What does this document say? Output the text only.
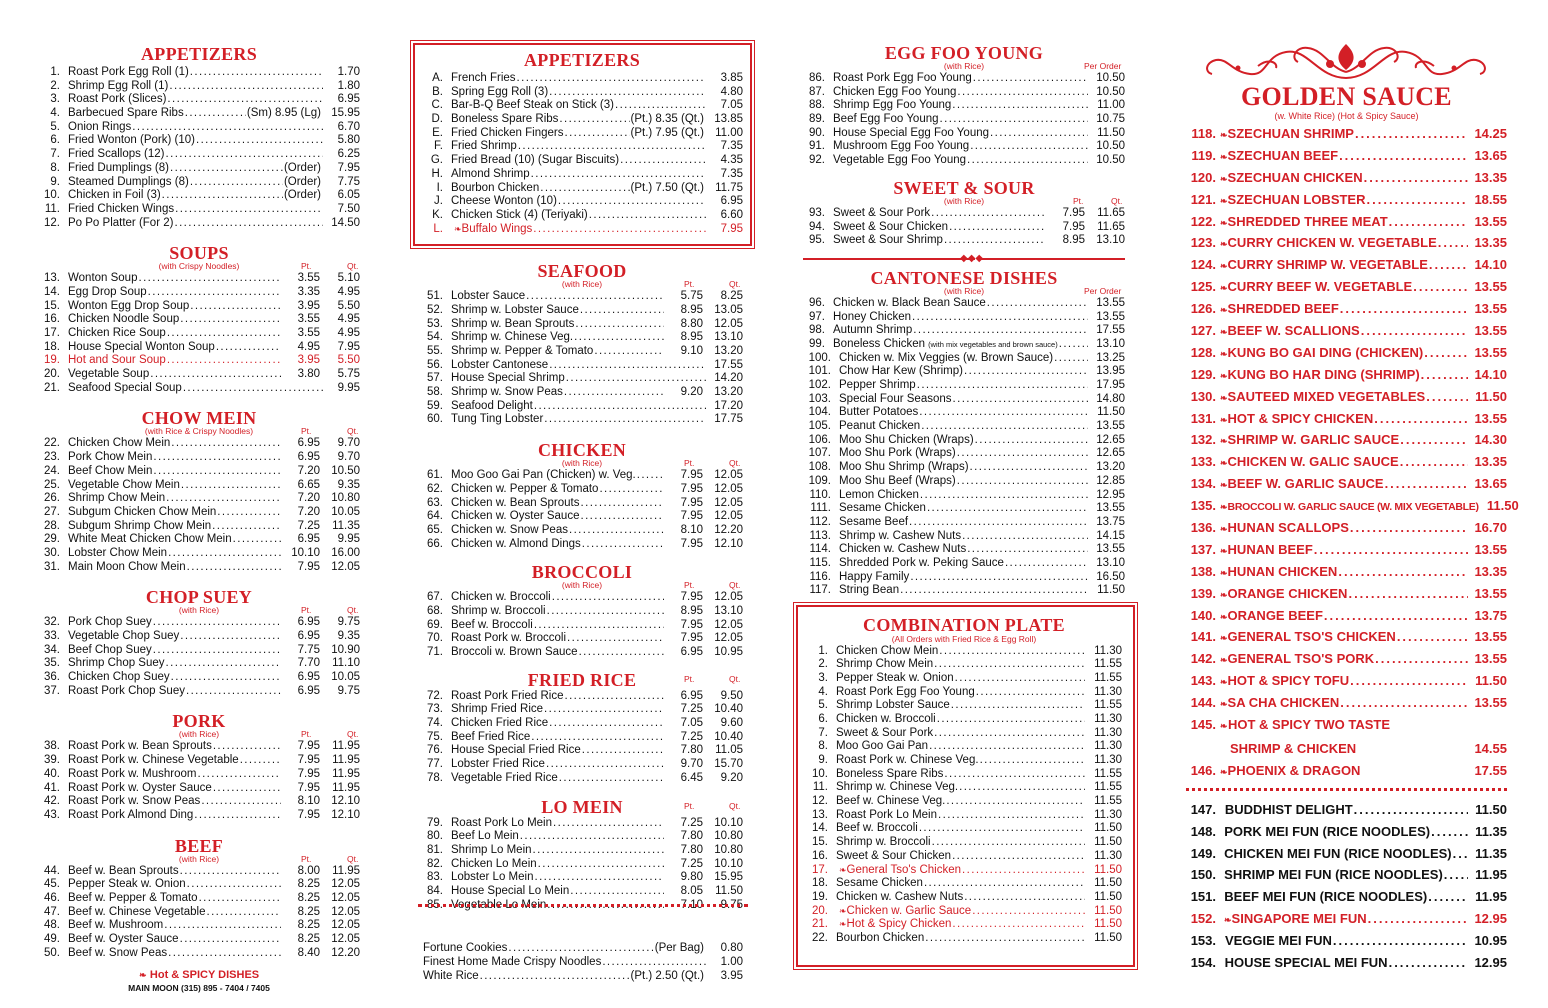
APPETIZERS
1. Roast Pork Egg Roll (1) .....	1.70
2. Shrimp Egg Roll (1) .....	1.80
3. Roast Pork (Slices) .....	6.95
4. Barbecued Spare Ribs .....	(Sm) 8.95 (Lg) 15.95
5. Onion Rings .....	6.70
6. Fried Wonton (Pork) (10) .....	5.80
7. Fried Scallops (12) .....	6.25
8. Fried Dumplings (8) .....	(Order)	7.95
9. Steamed Dumplings (8) .....	(Order)	7.75
10. Chicken in Foil (3) .....	(Order)	6.05
11. Fried Chicken Wings .....	7.50
12. Po Po Platter (For 2) .....	14.50
SOUPS
(with Crispy Noodles)	Pt.	Qt.
13. Wonton Soup .....	3.55	5.10
14. Egg Drop Soup .....	3.35	4.95
15. Wonton Egg Drop Soup .....	3.95	5.50
16. Chicken Noodle Soup .....	3.55	4.95
17. Chicken Rice Soup .....	3.55	4.95
18. House Special Wonton Soup .....	4.95	7.95
19. Hot and Sour Soup .....	3.95	5.50
20. Vegetable Soup .....	3.80	5.75
21. Seafood Special Soup .....	9.95
CHOW MEIN
(with Rice & Crispy Noodles)	Pt.	Qt.
22. Chicken Chow Mein .....	6.95	9.70
23. Pork Chow Mein .....	6.95	9.70
24. Beef Chow Mein .....	7.20 10.50
25. Vegetable Chow Mein .....	6.65	9.35
26. Shrimp Chow Mein .....	7.20 10.80
27. Subgum Chicken Chow Mein .....	7.20 10.05
28. Subgum Shrimp Chow Mein .....	7.25	11.35
29. White Meat Chicken Chow Mein .....	6.95	9.95
30. Lobster Chow Mein .....	10.10 16.00
31. Main Moon Chow Mein .....	7.95 12.05
CHOP SUEY
(with Rice)	Pt.	Qt.
32. Pork Chop Suey .....	6.95	9.75
33. Vegetable Chop Suey .....	6.95	9.35
34. Beef Chop Suey .....	7.75 10.90
35. Shrimp Chop Suey .....	7.70	11.10
36. Chicken Chop Suey .....	6.95 10.05
37. Roast Pork Chop Suey .....	6.95	9.75
PORK
(with Rice)	Pt.	Qt.
38. Roast Pork w. Bean Sprouts .....	7.95	11.95
39. Roast Pork w. Chinese Vegetable .....	7.95	11.95
40. Roast Pork w. Mushroom .....	7.95	11.95
41. Roast Pork w. Oyster Sauce .....	7.95	11.95
42. Roast Pork w. Snow Peas .....	8.10 12.10
43. Roast Pork Almond Ding .....	7.95 12.10
BEEF
(with Rice)	Pt.	Qt.
44. Beef w. Bean Sprouts .....	8.00	11.95
45. Pepper Steak w. Onion .....	8.25 12.05
46. Beef w. Pepper & Tomato .....	8.25 12.05
47. Beef w. Chinese Vegetable .....	8.25 12.05
48. Beef w. Mushroom .....	8.25 12.05
49. Beef w. Oyster Sauce .....	8.25 12.05
50. Beef w. Snow Peas .....	8.40 12.20
❧ Hot & SPICY DISHES
MAIN MOON (315) 895 - 7404 / 7405
APPETIZERS
A. French Fries .....	3.85
B. Spring Egg Roll (3) .....	4.80
C. Bar-B-Q Beef Steak on Stick (3) .....	7.05
D. Boneless Spare Ribs .....	(Pt.) 8.35 (Qt.) 13.85
E. Fried Chicken Fingers .....	(Pt.) 7.95 (Qt.) 11.00
F. Fried Shrimp .....	7.35
G. Fried Bread (10) (Sugar Biscuits) .....	4.35
H. Almond Shrimp .....	7.35
I. Bourbon Chicken .....	(Pt.) 7.50 (Qt.) 11.75
J. Cheese Wonton (10) .....	6.95
K. Chicken Stick (4) (Teriyaki) .....	6.60
L.	❧ Buffalo Wings .....	7.95
SEAFOOD
(with Rice)	Pt.	Qt.
51. Lobster Sauce .....	5.75	8.25
52. Shrimp w. Lobster Sauce .....	8.95 13.05
53. Shrimp w. Bean Sprouts .....	8.80 12.05
54. Shrimp w. Chinese Veg. .....	8.95 13.10
55. Shrimp w. Pepper & Tomato .....	9.10 13.20
56. Lobster Cantonese .....	17.55
57. House Special Shrimp .....	14.20
58. Shrimp w. Snow Peas .....	9.20 13.20
59. Seafood Delight .....	17.20
60. Tung Ting Lobster .....	17.75
CHICKEN
(with Rice)	Pt.	Qt.
61. Moo Goo Gai Pan (Chicken) w. Veg. .....	7.95 12.05
62. Chicken w. Pepper & Tomato .....	7.95 12.05
63. Chicken w. Bean Sprouts .....	7.95 12.05
64. Chicken w. Oyster Sauce .....	7.95 12.05
65. Chicken w. Snow Peas .....	8.10 12.20
66. Chicken w. Almond Dings .....	7.95 12.10
BROCCOLI
(with Rice)	Pt.	Qt.
67. Chicken w. Broccoli .....	7.95 12.05
68. Shrimp w. Broccoli .....	8.95 13.10
69. Beef w. Broccoli .....	7.95 12.05
70. Roast Pork w. Broccoli .....	7.95 12.05
71. Broccoli w. Brown Sauce .....	6.95 10.95
FRIED RICE	Pt.	Qt.
72. Roast Pork Fried Rice .....	6.95	9.50
73. Shrimp Fried Rice .....	7.25 10.40
74. Chicken Fried Rice .....	7.05	9.60
75. Beef Fried Rice .....	7.25 10.40
76. House Special Fried Rice .....	7.80	11.05
77. Lobster Fried Rice .....	9.70 15.70
78. Vegetable Fried Rice .....	6.45	9.20
LO MEIN	Pt.	Qt.
79. Roast Pork Lo Mein .....	7.25 10.10
80. Beef Lo Mein .....	7.80 10.80
81. Shrimp Lo Mein .....	7.80 10.80
82. Chicken Lo Mein .....	7.25 10.10
83. Lobster Lo Mein .....	9.80 15.95
84. House Special Lo Mein .....	8.05	11.50
85. Vegetable Lo Mein .....	7.10	9.75
Fortune Cookies .....	(Per Bag)	0.80
Finest Home Made Crispy Noodles .....	1.00
White Rice .....	(Pt.) 2.50 (Qt.)	3.95
EGG FOO YOUNG
(with Rice)	Per Order
86. Roast Pork Egg Foo Young .....	10.50
87. Chicken Egg Foo Young .....	10.50
88. Shrimp Egg Foo Young .....	11.00
89. Beef Egg Foo Young .....	10.75
90. House Special Egg Foo Young .....	11.50
91. Mushroom Egg Foo Young .....	10.50
92. Vegetable Egg Foo Young .....	10.50
SWEET & SOUR
(with Rice)	Pt.	Qt.
93. Sweet & Sour Pork .....	7.95	11.65
94. Sweet & Sour Chicken .....	7.95	11.65
95. Sweet & Sour Shrimp .....	8.95 13.10
◆◆◆
CANTONESE DISHES
(with Rice)	Per Order
96. Chicken w. Black Bean Sauce .....	13.55
97. Honey Chicken .....	13.55
98. Autumn Shrimp .....	17.55
99. Boneless Chicken (with mix vegetables and brown sauce) .....	13.10
100. Chicken w. Mix Veggies (w. Brown Sauce) .....	13.25
101. Chow Har Kew (Shrimp) .....	13.95
102. Pepper Shrimp .....	17.95
103. Special Four Seasons .....	14.80
104. Butter Potatoes .....	11.50
105. Peanut Chicken .....	13.55
106. Moo Shu Chicken (Wraps) .....	12.65
107. Moo Shu Pork (Wraps) .....	12.65
108. Moo Shu Shrimp (Wraps) .....	13.20
109. Moo Shu Beef (Wraps) .....	12.85
110. Lemon Chicken .....	12.95
111. Sesame Chicken .....	13.55
112. Sesame Beef .....	13.75
113. Shrimp w. Cashew Nuts .....	14.15
114. Chicken w. Cashew Nuts .....	13.55
115. Shredded Pork w. Peking Sauce .....	13.10
116. Happy Family .....	16.50
117. String Bean .....	11.50
COMBINATION PLATE
(All Orders with Fried Rice & Egg Roll)
1. Chicken Chow Mein .....	11.30
2. Shrimp Chow Mein .....	11.55
3. Pepper Steak w. Onion .....	11.55
4. Roast Pork Egg Foo Young .....	11.30
5. Shrimp Lobster Sauce .....	11.55
6. Chicken w. Broccoli .....	11.30
7. Sweet & Sour Pork .....	11.30
8. Moo Goo Gai Pan .....	11.30
9. Roast Pork w. Chinese Veg. .....	11.30
10. Boneless Spare Ribs .....	11.55
11. Shrimp w. Chinese Veg. .....	11.55
12. Beef w. Chinese Veg. .....	11.55
13. Roast Pork Lo Mein .....	11.30
14. Beef w. Broccoli .....	11.50
15. Shrimp w. Broccoli .....	11.50
16. Sweet & Sour Chicken .....	11.30
17.	❧ General Tso's Chicken .....	11.50
18. Sesame Chicken .....	11.50
19. Chicken w. Cashew Nuts .....	11.50
20.	❧ Chicken w. Garlic Sauce .....	11.50
21.	❧ Hot & Spicy Chicken .....	11.50
22. Bourbon Chicken .....	11.50
GOLDEN SAUCE
(w. White Rice) (Hot & Spicy Sauce)
118. ❧ SZECHUAN SHRIMP .....	14.25
119. ❧ SZECHUAN BEEF .....	13.65
120. ❧ SZECHUAN CHICKEN .....	13.35
121. ❧ SZECHUAN LOBSTER .....	18.55
122. ❧ SHREDDED THREE MEAT .....	13.55
123. ❧ CURRY CHICKEN W. VEGETABLE .....	13.35
124. ❧ CURRY SHRIMP W. VEGETABLE .....	14.10
125. ❧ CURRY BEEF W. VEGETABLE .....	13.55
126. ❧ SHREDDED BEEF .....	13.55
127. ❧ BEEF W. SCALLIONS .....	13.55
128. ❧ KUNG BO GAI DING (CHICKEN) .....	13.55
129. ❧ KUNG BO HAR DING (SHRIMP) .....	14.10
130. ❧ SAUTEED MIXED VEGETABLES .....	11.50
131. ❧ HOT & SPICY CHICKEN .....	13.55
132. ❧ SHRIMP W. GARLIC SAUCE .....	14.30
133. ❧ CHICKEN W. GALIC SAUCE .....	13.35
134. ❧ BEEF W. GARLIC SAUCE .....	13.65
135. ❧ BROCCOLI W. GARLIC SAUCE (W. MIX VEGETABLE) 11.50
136. ❧ HUNAN SCALLOPS .....	16.70
137. ❧ HUNAN BEEF .....	13.55
138. ❧ HUNAN CHICKEN .....	13.35
139. ❧ ORANGE CHICKEN .....	13.55
140. ❧ ORANGE BEEF .....	13.75
141. ❧ GENERAL TSO'S CHICKEN .....	13.55
142. ❧ GENERAL TSO'S PORK .....	13.55
143. ❧ HOT & SPICY TOFU .....	11.50
144. ❧ SA CHA CHICKEN .....	13.55
145. ❧ HOT & SPICY TWO TASTE
SHRIMP & CHICKEN	14.55
146. ❧ PHOENIX & DRAGON	17.55
147. BUDDHIST DELIGHT .....	11.50
148. PORK MEI FUN (RICE NOODLES) .....	11.35
149. CHICKEN MEI FUN (RICE NOODLES) .....	11.35
150. SHRIMP MEI FUN (RICE NOODLES) .....	11.95
151. BEEF MEI FUN (RICE NOODLES) .....	11.95
152. ❧ SINGAPORE MEI FUN .....	12.95
153. VEGGIE MEI FUN .....	10.95
154. HOUSE SPECIAL MEI FUN .....	12.95
